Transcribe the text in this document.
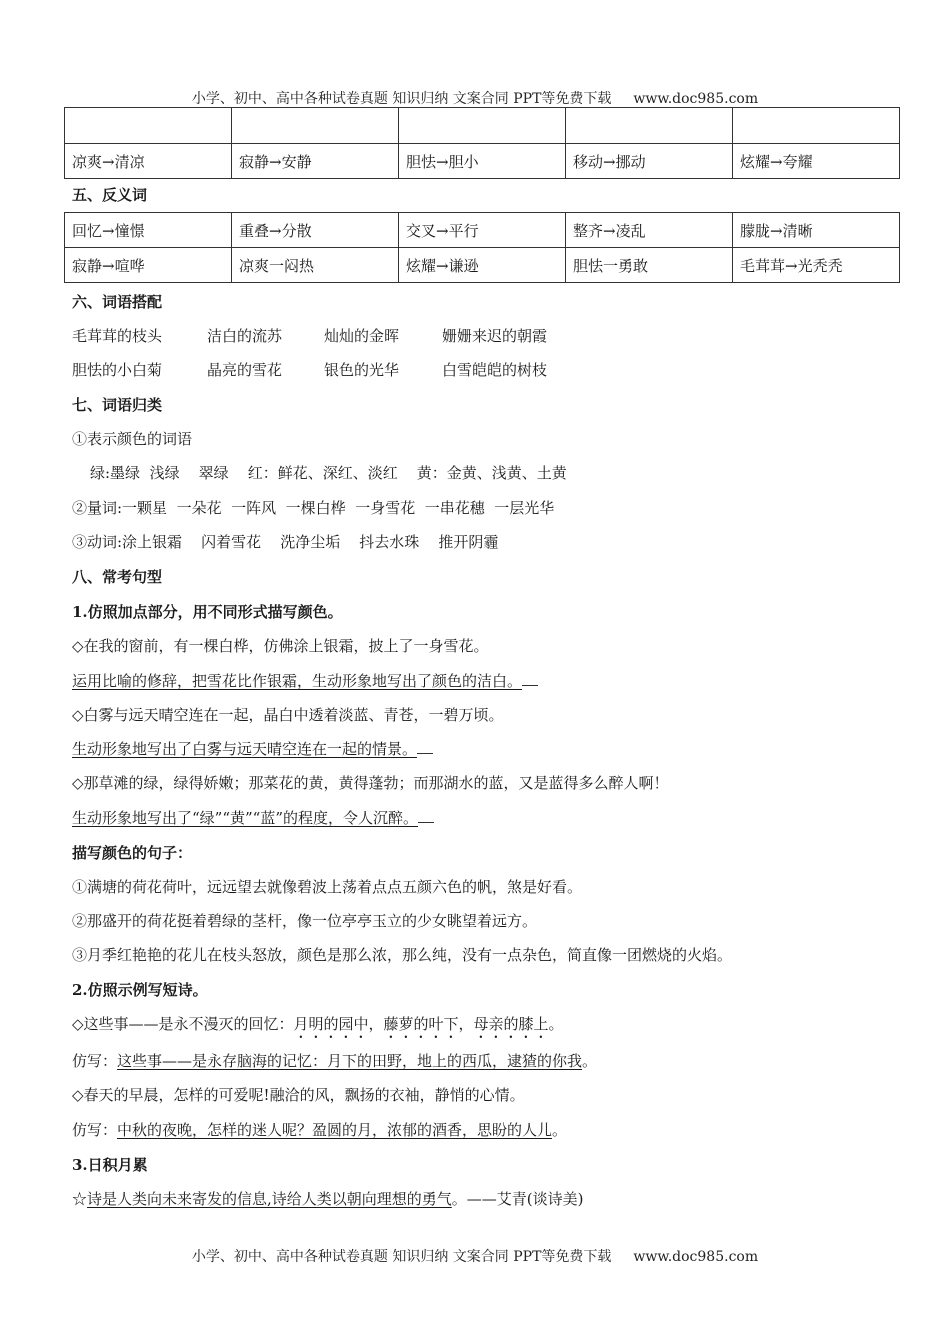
小学、初中、高中各种试卷真题 知识归纳 文案合同 PPT等免费下载 www.doc985.com

凉爽→清凉	寂静→安静	胆怯→胆小	移动→挪动	炫耀→夸耀
五、反义词
回忆→憧憬	重叠→分散	交叉→平行	整齐→凌乱	朦胧→清晰
寂静→喧哗	凉爽一闷热	炫耀→谦逊	胆怯一勇敢	毛茸茸→光秃秃
六、词语搭配
毛茸茸的枝头	洁白的流苏	灿灿的金晖	姗姗来迟的朝霞
胆怯的小白菊	晶亮的雪花	银色的光华	白雪皑皑的树枝
七、词语归类
①表示颜色的词语
绿:墨绿  浅绿    翠绿    红：鲜花、深红、淡红    黄：金黄、浅黄、土黄
②量词:一颗星  一朵花  一阵风  一棵白桦  一身雪花  一串花穗  一层光华
③动词:涂上银霜    闪着雪花    洗净尘垢    抖去水珠    推开阴霾
八、常考句型
1.仿照加点部分，用不同形式描写颜色。
◇在我的窗前，有一棵白桦，仿佛涂上银霜，披上了一身雪花。
运用比喻的修辞，把雪花比作银霜，生动形象地写出了颜色的洁白。
◇白雾与远天晴空连在一起，晶白中透着淡蓝、青苍，一碧万顷。
生动形象地写出了白雾与远天晴空连在一起的情景。
◇那草滩的绿，绿得娇嫩；那菜花的黄，黄得蓬勃；而那湖水的蓝，又是蓝得多么醉人啊！
生动形象地写出了“绿”“黄”“蓝”的程度，令人沉醉。
描写颜色的句子：
①满塘的荷花荷叶，远远望去就像碧波上荡着点点五颜六色的帆，煞是好看。
②那盛开的荷花挺着碧绿的茎杆，像一位亭亭玉立的少女眺望着远方。
③月季红艳艳的花儿在枝头怒放，颜色是那么浓，那么纯，没有一点杂色，简直像一团燃烧的火焰。
2.仿照示例写短诗。
◇这些事——是永不漫灭的回忆：月明的园中，藤萝的叶下，母亲的膝上。
仿写：这些事——是永存脑海的记忆：月下的田野，地上的西瓜，逮猹的你我。
◇春天的早晨，怎样的可爱呢!融洽的风，飘扬的衣袖，静悄的心情。
仿写：中秋的夜晚，怎样的迷人呢？盈圆的月，浓郁的酒香，思盼的人儿。
3.日积月累
☆诗是人类向未来寄发的信息,诗给人类以朝向理想的勇气。——艾青(谈诗美)
小学、初中、高中各种试卷真题 知识归纳 文案合同 PPT等免费下载 www.doc985.com
